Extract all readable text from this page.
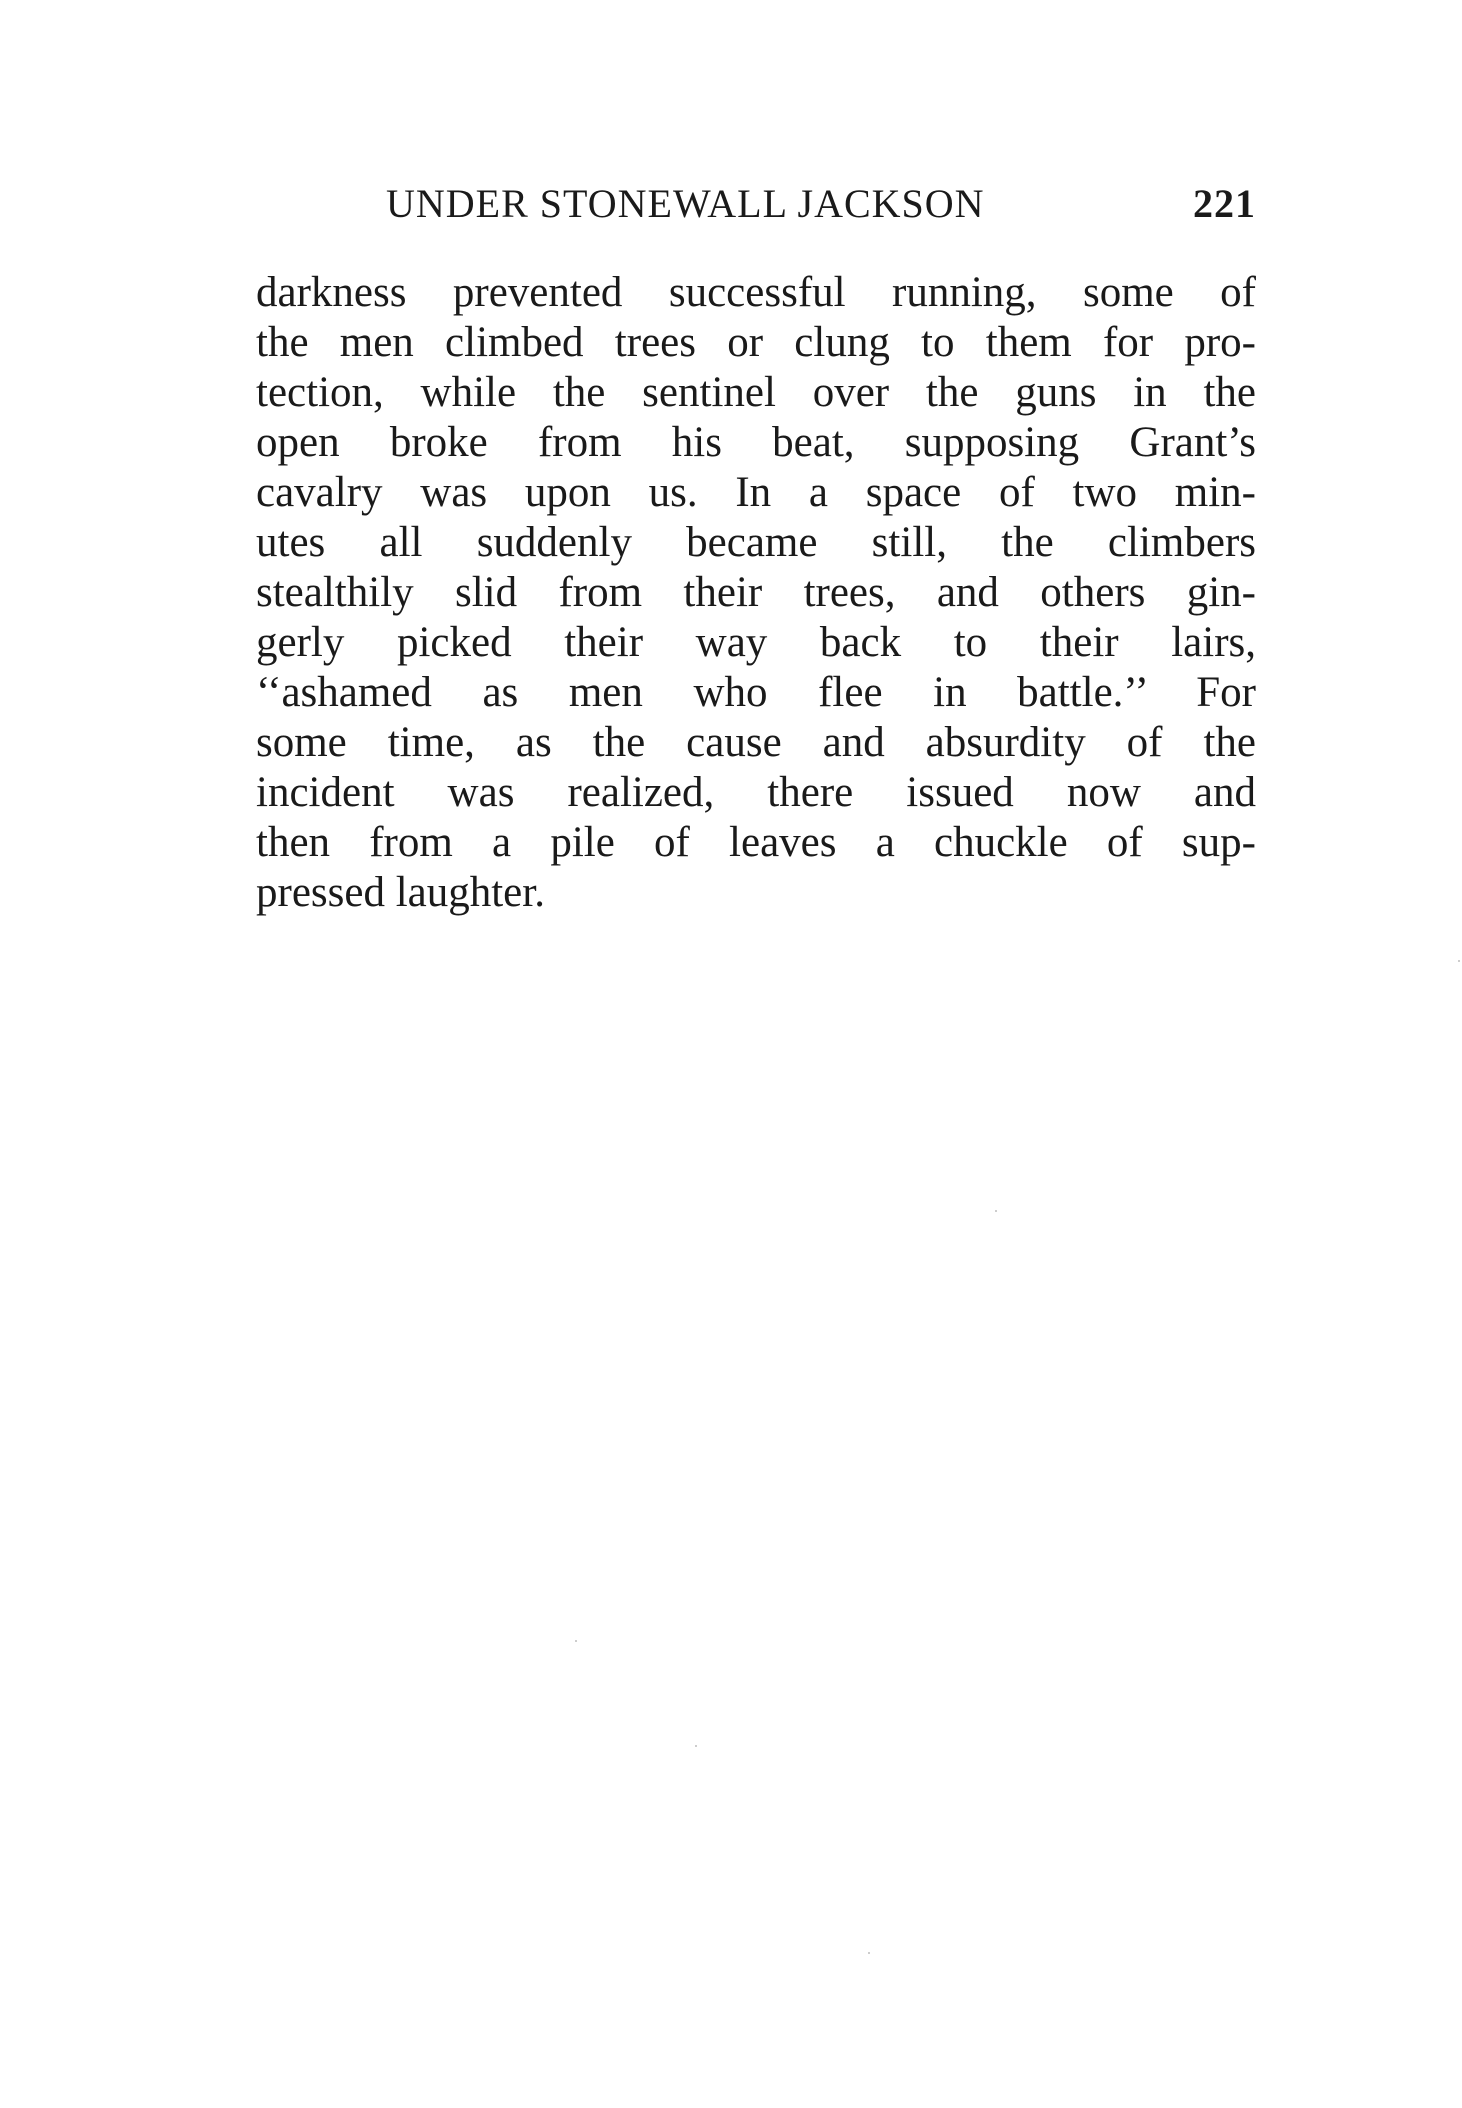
UNDER STONEWALL JACKSON	221
darkness prevented successful running, some of
the men climbed trees or clung to them for pro-
tection, while the sentinel over the guns in the
open broke from his beat, supposing Grant’s
cavalry was upon us. In a space of two min-
utes all suddenly became still, the climbers
stealthily slid from their trees, and others gin-
gerly picked their way back to their lairs,
‘‘ashamed as men who flee in battle.’’ For
some time, as the cause and absurdity of the
incident was realized, there issued now and
then from a pile of leaves a chuckle of sup-
pressed laughter.
